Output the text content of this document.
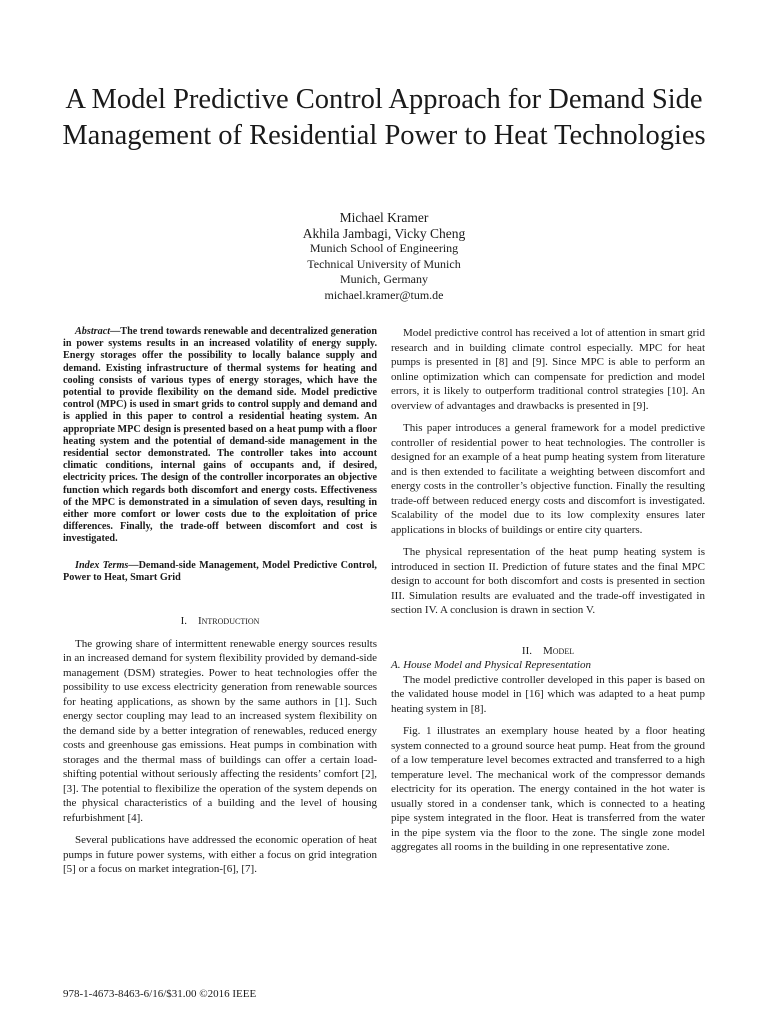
A Model Predictive Control Approach for Demand Side Management of Residential Power to Heat Technologies
Michael Kramer
Akhila Jambagi, Vicky Cheng
Munich School of Engineering
Technical University of Munich
Munich, Germany
michael.kramer@tum.de

Abstract—The trend towards renewable and decentralized generation in power systems results in an increased volatility of energy supply. Energy storages offer the possibility to locally balance supply and demand. Existing infrastructure of thermal systems for heating and cooling consists of various types of energy storages, which have the potential to provide flexibility on the demand side. Model predictive control (MPC) is used in smart grids to control supply and demand and is applied in this paper to control a residential heating system. An appropriate MPC design is presented based on a heat pump with a floor heating system and the potential of demand-side management in the residential sector demonstrated. The controller takes into account climatic conditions, internal gains of occupants and, if desired, electricity prices. The design of the controller incorporates an objective function which regards both discomfort and energy costs. Effectiveness of the MPC is demonstrated in a simulation of seven days, resulting in either more comfort or lower costs due to the exploitation of price differences. Finally, the trade-off between discomfort and cost is investigated.

Index Terms—Demand-side Management, Model Predictive Control, Power to Heat, Smart Grid

I. Introduction

The growing share of intermittent renewable energy sources results in an increased demand for system flexibility provided by demand-side management (DSM) strategies. Power to heat technologies offer the possibility to use excess electricity generation from renewable sources for heating applications, as shown by the same authors in [1]. Such energy sector coupling may lead to an increased system flexibility on the demand side by a better integration of renewables, reduced energy costs and greenhouse gas emissions. Heat pumps in combination with storages and the thermal mass of buildings can offer a certain load-shifting potential without seriously affecting the residents’ comfort [2], [3]. The potential to flexibilize the operation of the system depends on the physical characteristics of a building and the level of housing refurbishment [4].

Several publications have addressed the economic operation of heat pumps in future power systems, with either a focus on grid integration [5] or a focus on market integration-[6], [7].

Model predictive control has received a lot of attention in smart grid research and in building climate control especially. MPC for heat pumps is presented in [8] and [9]. Since MPC is able to perform an online optimization which can compensate for prediction and model errors, it is likely to outperform traditional control strategies [10]. An overview of advantages and drawbacks is presented in [9].

This paper introduces a general framework for a model predictive controller of residential power to heat technologies. The controller is designed for an example of a heat pump heating system from literature and is then extended to facilitate a weighting between discomfort and energy costs in the controller’s objective function. Finally the resulting trade-off between reduced energy costs and discomfort is investigated. Scalability of the model due to its low complexity ensures later applications in blocks of buildings or entire city quarters.

The physical representation of the heat pump heating system is introduced in section II. Prediction of future states and the final MPC design to account for both discomfort and costs is presented in section III. Simulation results are evaluated and the trade-off investigated in section IV. A conclusion is drawn in section V.

II. Model
A. House Model and Physical Representation

The model predictive controller developed in this paper is based on the validated house model in [16] which was adapted to a heat pump heating system in [8].

Fig. 1 illustrates an exemplary house heated by a floor heating system connected to a ground source heat pump. Heat from the ground of a low temperature level becomes extracted and transferred to a high temperature level. The mechanical work of the compressor demands electricity for its operation. The energy contained in the hot water is usually stored in a condenser tank, which is connected to a heating pipe system integrated in the floor. Heat is transferred from the water in the pipe system via the floor to the zone. The single zone model aggregates all rooms in the building in one representative zone.

978-1-4673-8463-6/16/$31.00 ©2016 IEEE
